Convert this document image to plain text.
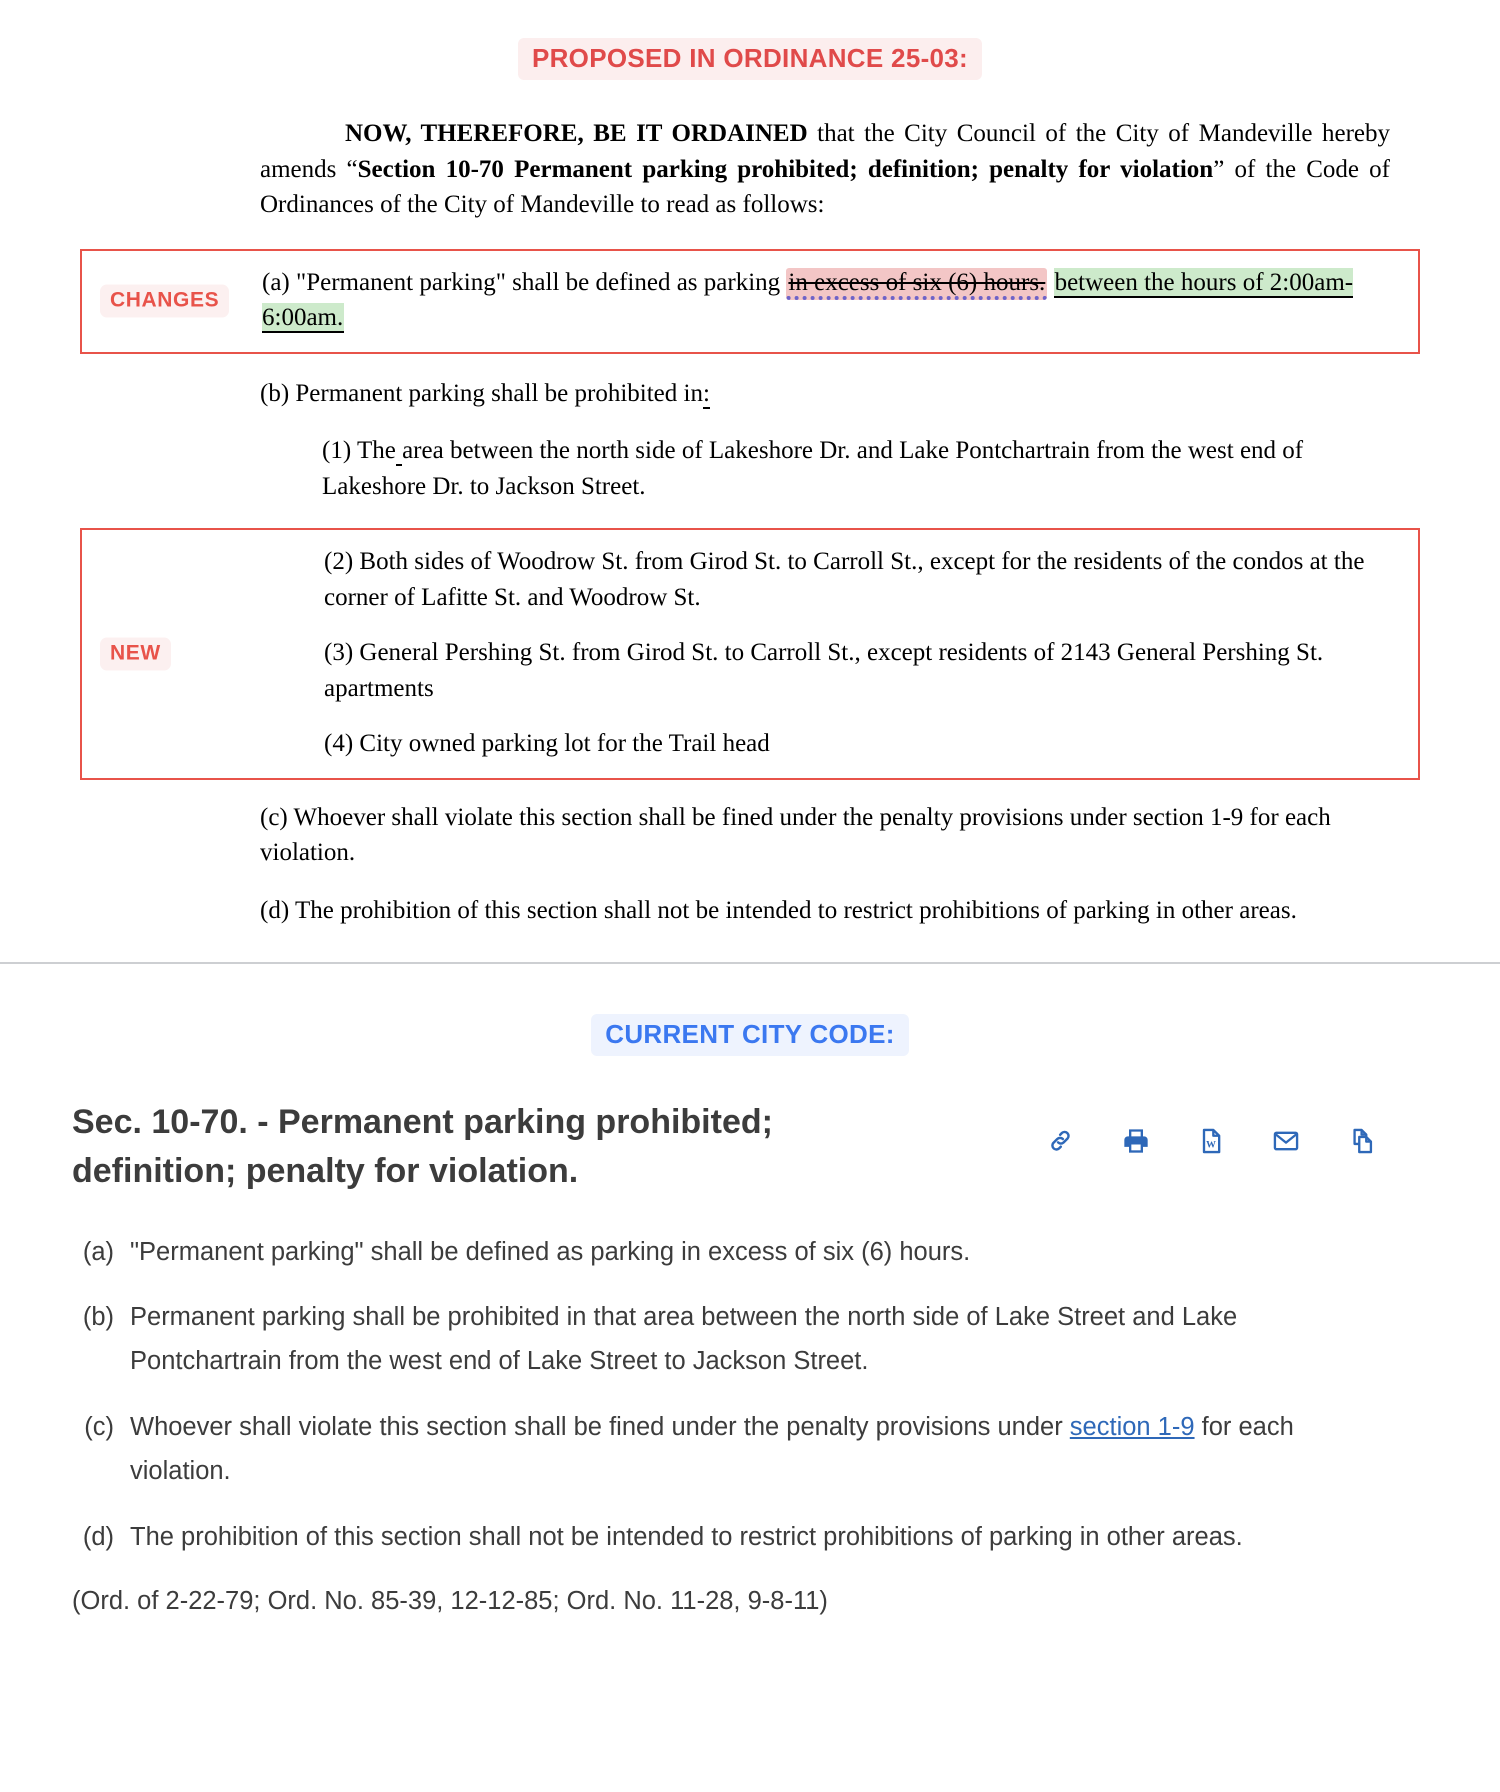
PROPOSED IN ORDINANCE 25-03:

NOW, THEREFORE, BE IT ORDAINED that the City Council of the City of Mandeville hereby amends “Section 10-70 Permanent parking prohibited; definition; penalty for violation” of the Code of Ordinances of the City of Mandeville to read as follows:

CHANGES

(a) "Permanent parking" shall be defined as parking in excess of six (6) hours. between the hours of 2:00am-6:00am.

(b) Permanent parking shall be prohibited in:

(1) The area between the north side of Lakeshore Dr. and Lake Pontchartrain from the west end of Lakeshore Dr. to Jackson Street.

NEW

(2) Both sides of Woodrow St. from Girod St. to Carroll St., except for the residents of the condos at the corner of Lafitte St. and Woodrow St.

(3) General Pershing St. from Girod St. to Carroll St., except residents of 2143 General Pershing St. apartments

(4) City owned parking lot for the Trail head

(c) Whoever shall violate this section shall be fined under the penalty provisions under section 1-9 for each violation.

(d) The prohibition of this section shall not be intended to restrict prohibitions of parking in other areas.

CURRENT CITY CODE:
Sec. 10-70. - Permanent parking prohibited; definition; penalty for violation.
W
(a) "Permanent parking" shall be defined as parking in excess of six (6) hours.
(b) Permanent parking shall be prohibited in that area between the north side of Lake Street and Lake Pontchartrain from the west end of Lake Street to Jackson Street.
(c) Whoever shall violate this section shall be fined under the penalty provisions under section 1-9 for each violation.
(d) The prohibition of this section shall not be intended to restrict prohibitions of parking in other areas.
(Ord. of 2-22-79; Ord. No. 85-39, 12-12-85; Ord. No. 11-28, 9-8-11)
